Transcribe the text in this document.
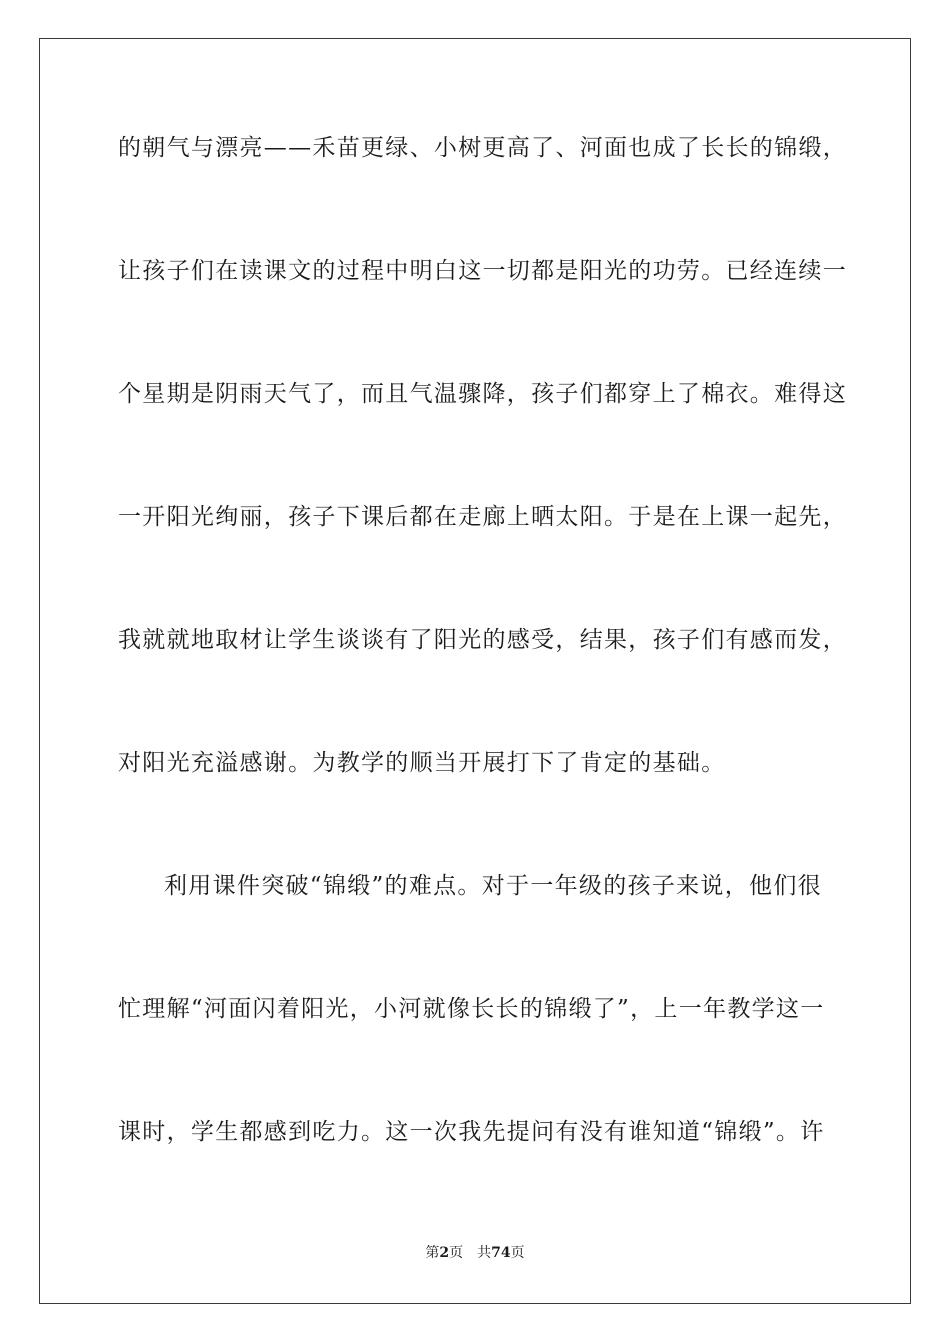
的朝气与漂亮——禾苗更绿、小树更高了、河面也成了长长的锦缎，
让孩子们在读课文的过程中明白这一切都是阳光的功劳。已经连续一
个星期是阴雨天气了，而且气温骤降，孩子们都穿上了棉衣。难得这
一开阳光绚丽，孩子下课后都在走廊上晒太阳。于是在上课一起先，
我就就地取材让学生谈谈有了阳光的感受，结果，孩子们有感而发，
对阳光充溢感谢。为教学的顺当开展打下了肯定的基础。
利用课件突破“锦缎”的难点。对于一年级的孩子来说，他们很
忙理解“河面闪着阳光，小河就像长长的锦缎了”，上一年教学这一
课时，学生都感到吃力。这一次我先提问有没有谁知道“锦缎”。许
第2页 共74页
